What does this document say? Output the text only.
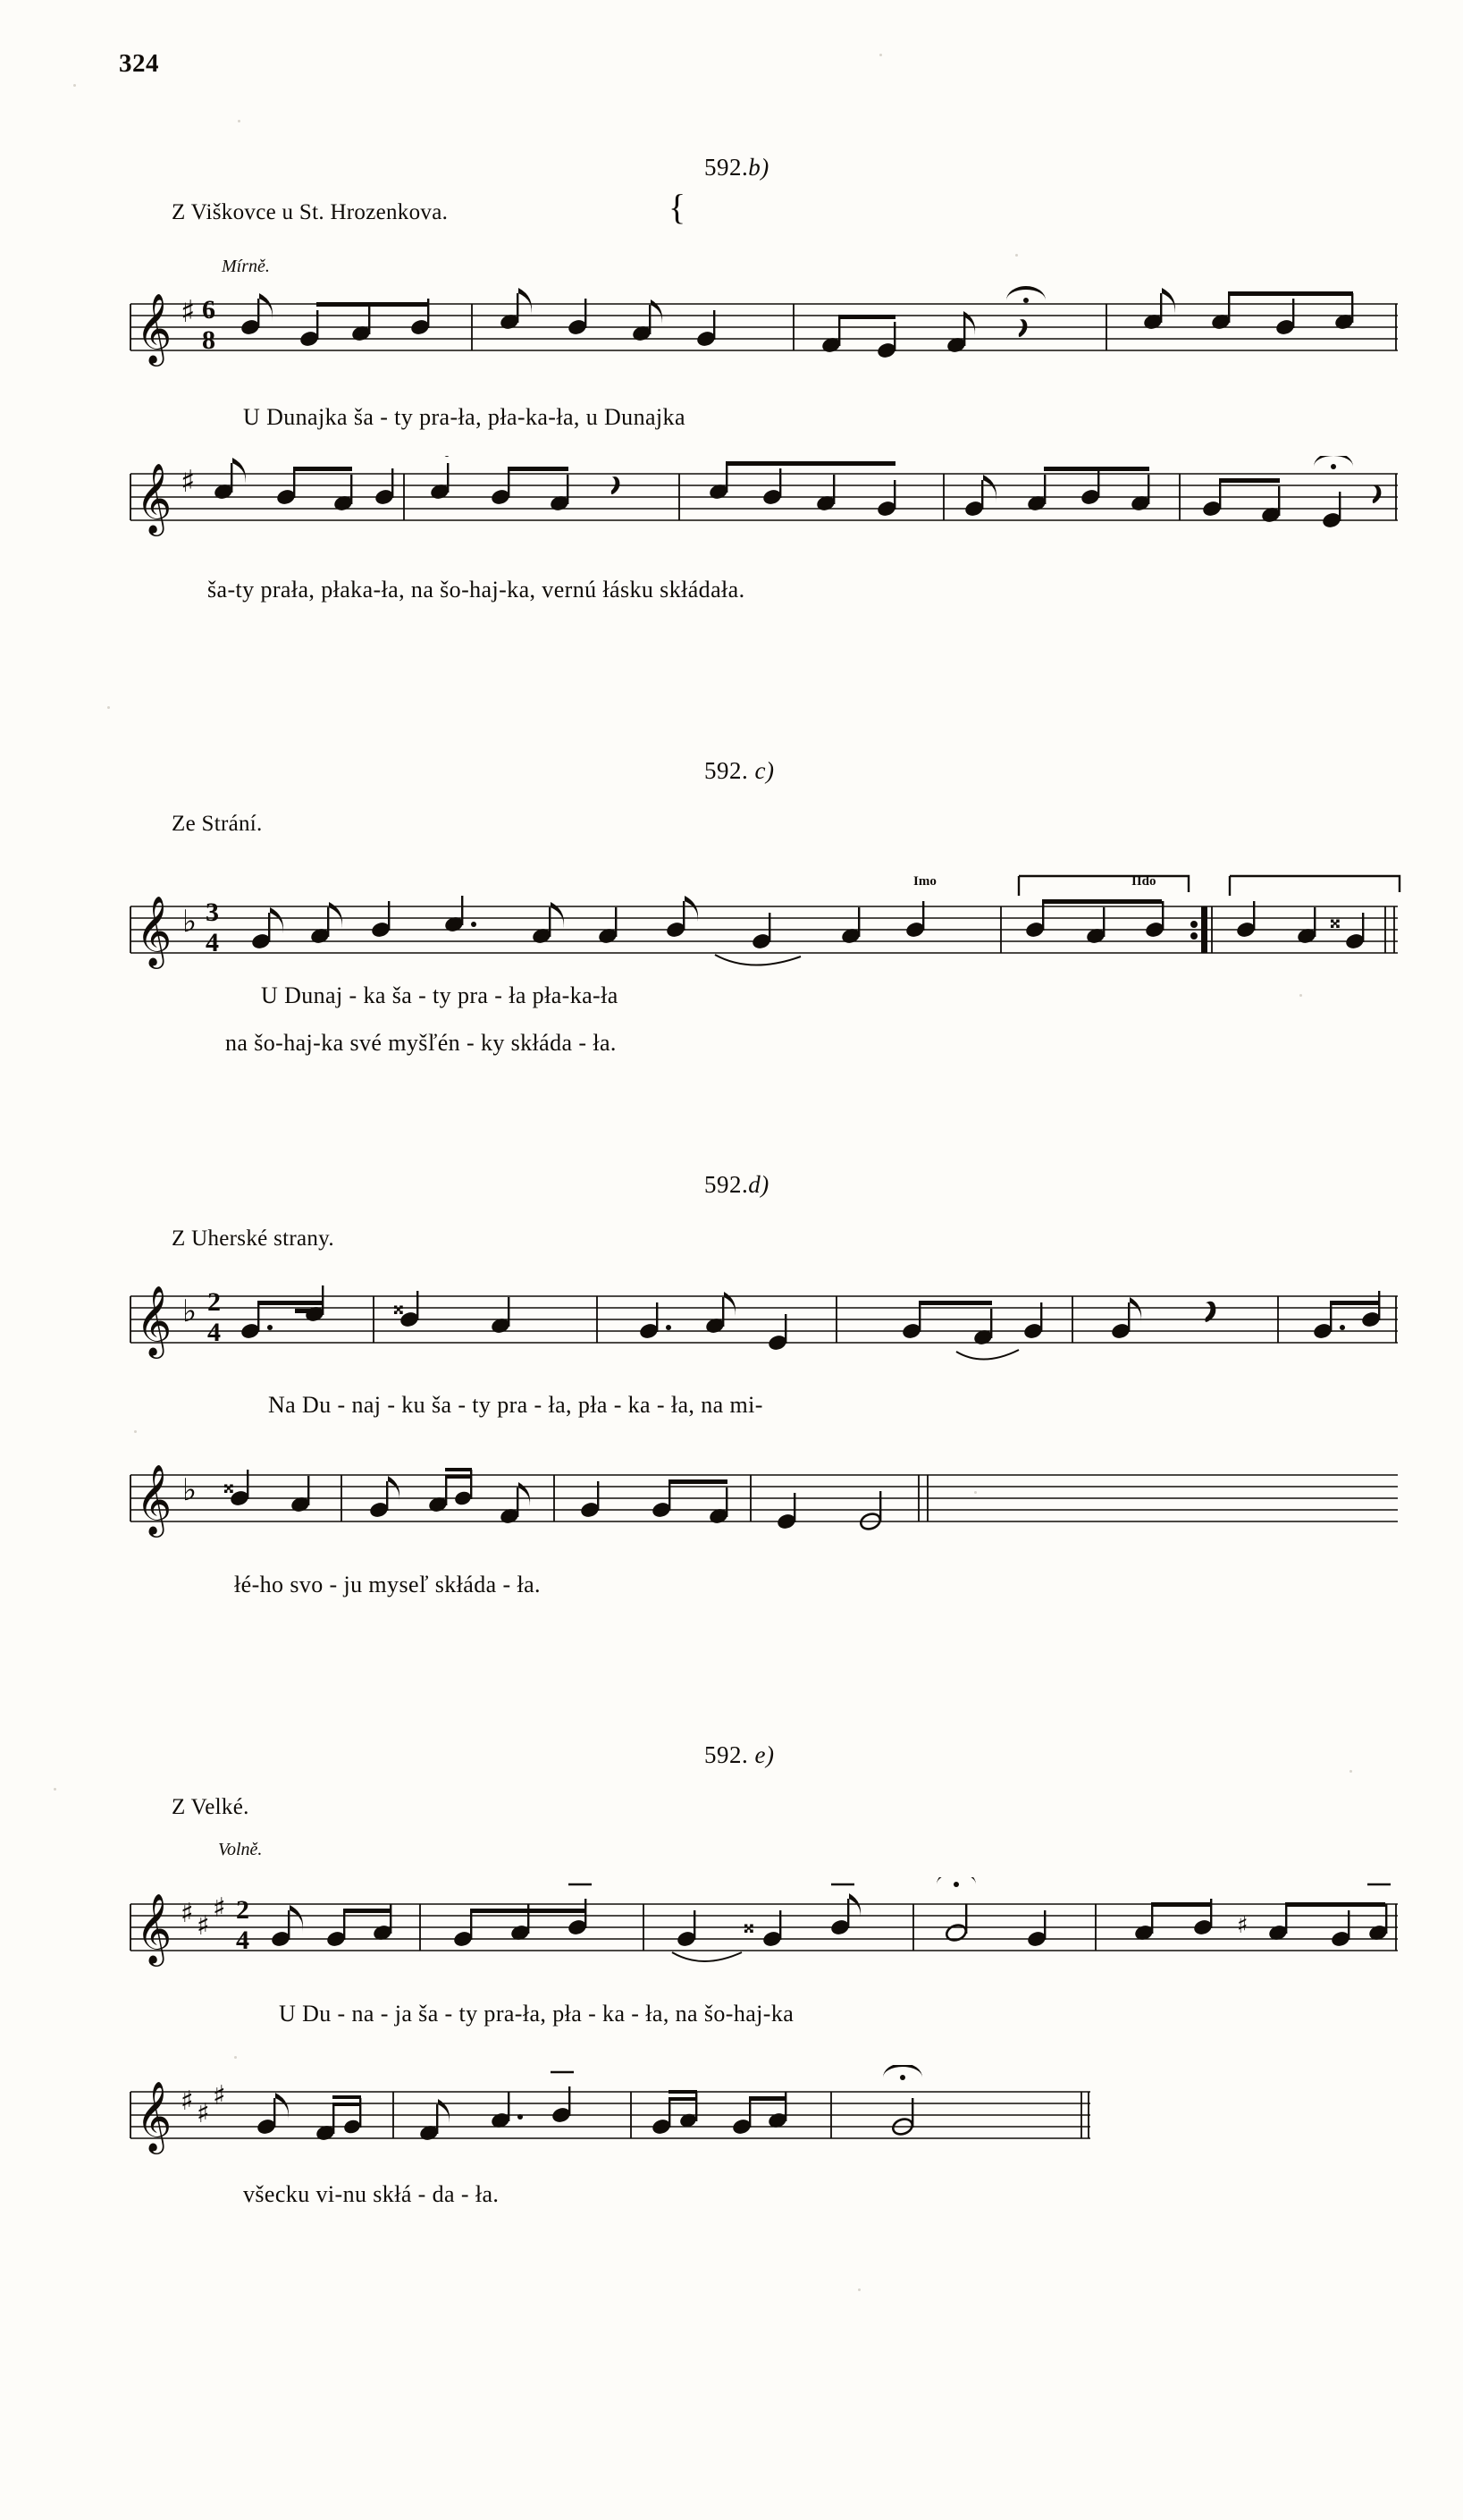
324
592.b)
Z Viškovce u St. Hrozenkova.	{
Mírně.
𝄞 ♯ 6
8
U Dunajka ša - ty pra-ła, pła-ka-ła, u Dunajka
𝄞 ♯
ša-ty prała, płaka-ła, na šo-haj-ka, vernú łásku skłádała.
592. c)
Ze Strání.
Imo	IIdo
𝄞 ♭ 3
4
𝄪
U Dunaj - ka ša - ty pra - ła pła-ka-ła
na šo-haj-ka své myšľén - ky skłáda - ła.
592.d)
Z Uherské strany.
𝄞 ♭ 2
4
𝄪
Na Du - naj - ku ša - ty pra - ła, pła - ka - ła, na mi-
𝄞 ♭ 𝄪
łé-ho svo - ju myseľ skłáda - ła.
592. e)
Z Velké.
Volně.
𝄞 ♯ ♯
♯ 2
4	𝄪	♯
U Du - na - ja ša - ty pra-ła, pła - ka - ła, na šo-haj-ka
𝄞 ♯ ♯
♯
všecku vi-nu skłá - da - ła.
